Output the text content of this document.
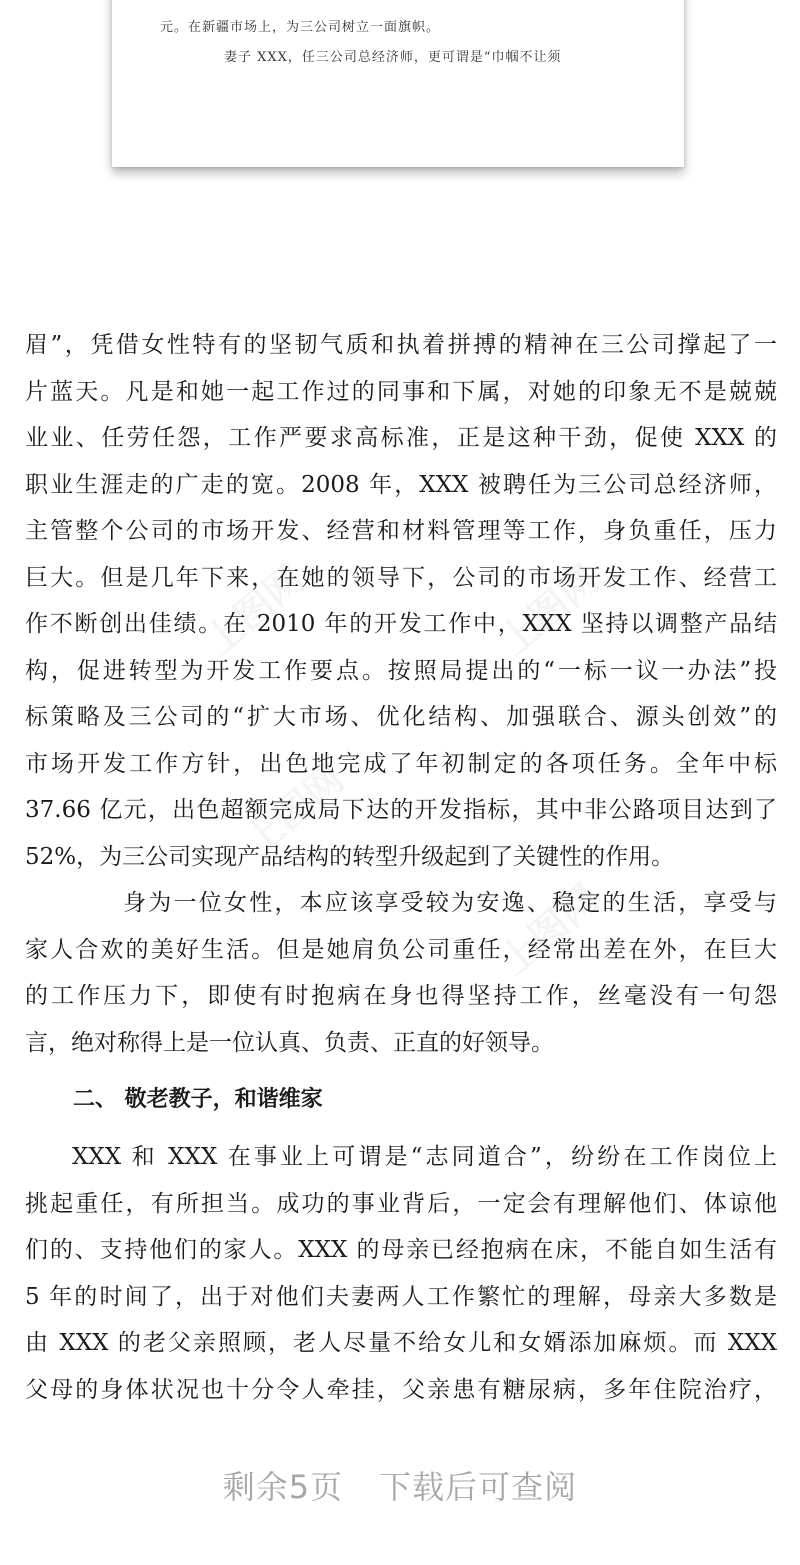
元。在新疆市场上，为三公司树立一面旗帜。
妻子 XXX，任三公司总经济师，更可谓是“巾帼不让须
眉”，凭借女性特有的坚韧气质和执着拼搏的精神在三公司撑起了一
片蓝天。凡是和她一起工作过的同事和下属，对她的印象无不是兢兢
业业、任劳任怨，工作严要求高标准，正是这种干劲，促使 XXX 的
职业生涯走的广走的宽。2008 年，XXX 被聘任为三公司总经济师，
主管整个公司的市场开发、经营和材料管理等工作，身负重任，压力
巨大。但是几年下来，在她的领导下，公司的市场开发工作、经营工
作不断创出佳绩。在 2010 年的开发工作中，XXX 坚持以调整产品结
构，促进转型为开发工作要点。按照局提出的“一标一议一办法”投
标策略及三公司的“扩大市场、优化结构、加强联合、源头创效”的
市场开发工作方针，出色地完成了年初制定的各项任务。全年中标
37.66 亿元，出色超额完成局下达的开发指标，其中非公路项目达到了
52%，为三公司实现产品结构的转型升级起到了关键性的作用。
身为一位女性，本应该享受较为安逸、稳定的生活，享受与
家人合欢的美好生活。但是她肩负公司重任，经常出差在外，在巨大
的工作压力下，即使有时抱病在身也得坚持工作，丝毫没有一句怨
言，绝对称得上是一位认真、负责、正直的好领导。
二、 敬老教子，和谐维家
XXX 和 XXX 在事业上可谓是“志同道合”，纷纷在工作岗位上
挑起重任，有所担当。成功的事业背后，一定会有理解他们、体谅他
们的、支持他们的家人。XXX 的母亲已经抱病在床，不能自如生活有
5 年的时间了，出于对他们夫妻两人工作繁忙的理解，母亲大多数是
由 XXX 的老父亲照顾，老人尽量不给女儿和女婿添加麻烦。而 XXX
父母的身体状况也十分令人牵挂，父亲患有糖尿病，多年住院治疗，
剩余5页 下载后可查阅
